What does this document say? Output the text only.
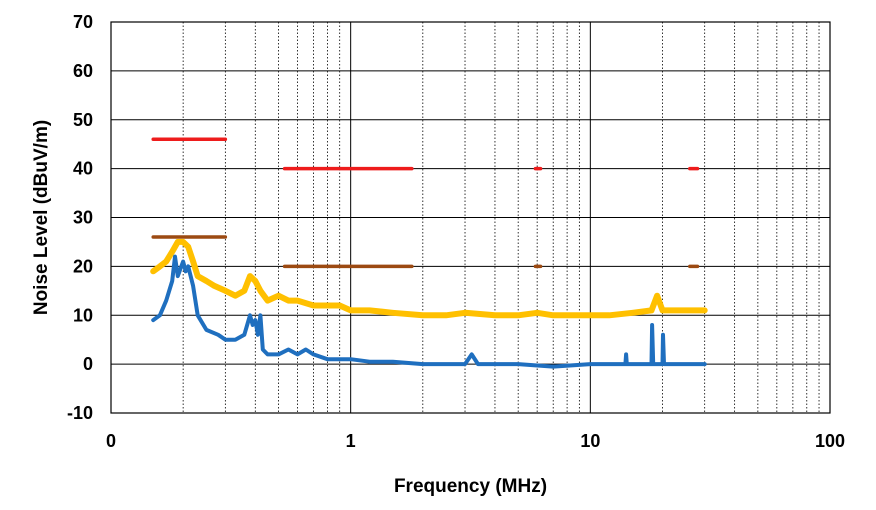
70
60
50
40
30
20
10
0
-10
0	1	10	100
Frequency (MHz)
Noise Level (dBuV/m)
